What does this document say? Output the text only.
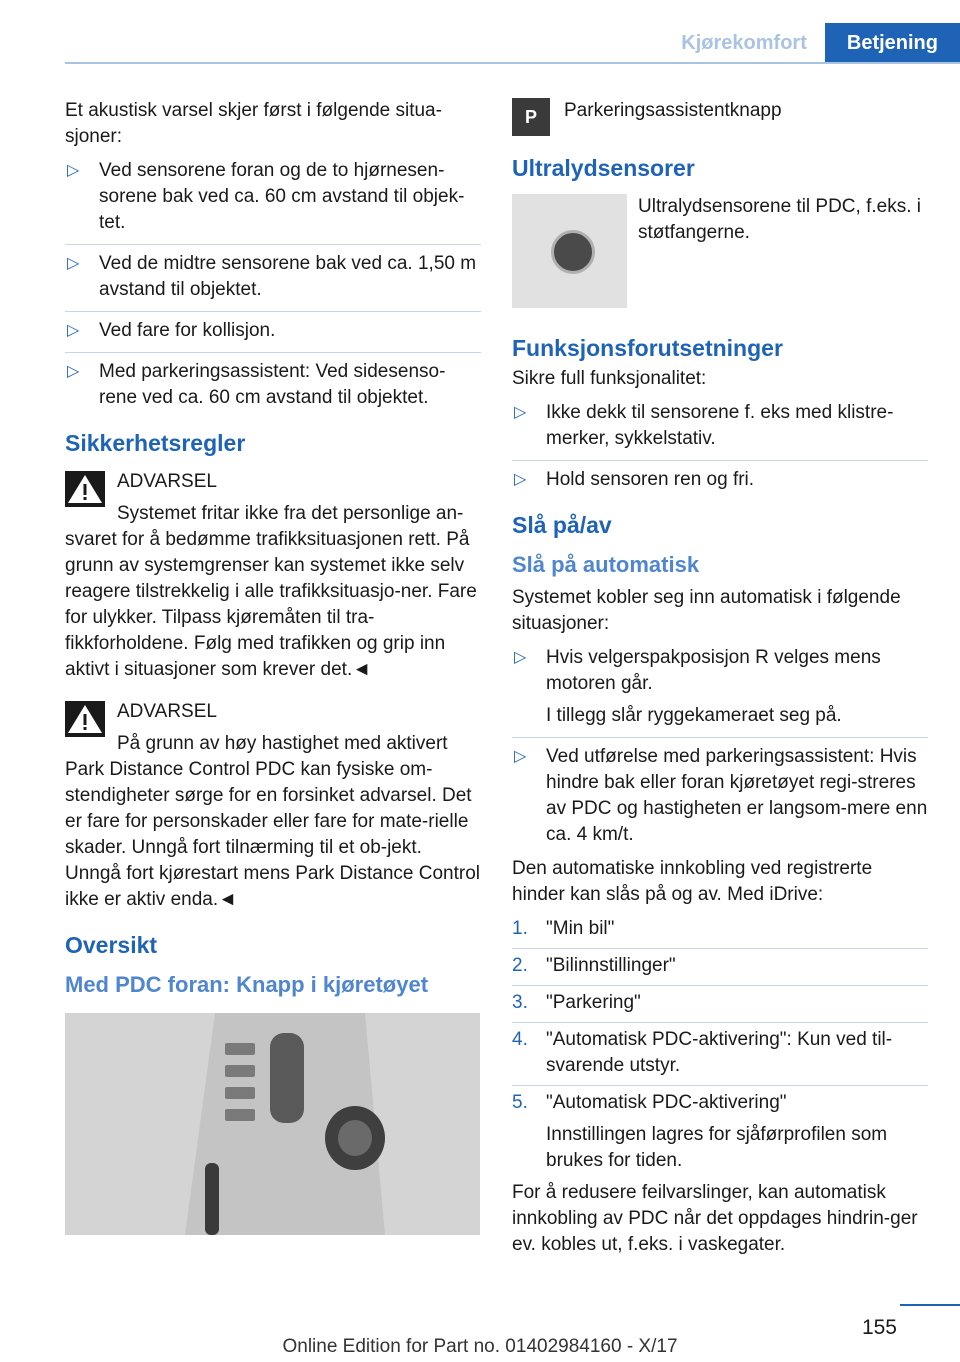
Kjørekomfort	Betjening

Et akustisk varsel skjer først i følgende situa-sjoner:

▷ Ved sensorene foran og de to hjørnesen-sorene bak ved ca. 60 cm avstand til objek-tet.
▷ Ved de midtre sensorene bak ved ca. 1,50 m avstand til objektet.
▷ Ved fare for kollisjon.
▷ Med parkeringsassistent: Ved sidesenso-rene ved ca. 60 cm avstand til objektet.
Sikkerhetsregler
ADVARSEL
Systemet fritar ikke fra det personlige an-
svaret for å bedømme trafikksituasjonen rett. På grunn av systemgrenser kan systemet ikke selv reagere tilstrekkelig i alle trafikksituasjo-ner. Fare for ulykker. Tilpass kjøremåten til tra-fikkforholdene. Følg med trafikken og grip inn aktivt i situasjoner som krever det.◄
ADVARSEL
På grunn av høy hastighet med aktivert
Park Distance Control PDC kan fysiske om-stendigheter sørge for en forsinket advarsel. Det er fare for personskader eller fare for mate-rielle skader. Unngå fort tilnærming til et ob-jekt. Unngå fort kjørestart mens Park Distance Control ikke er aktiv enda.◄
Oversikt
Med PDC foran: Knapp i kjøretøyet
P	Parkeringsassistentknapp
Ultralydsensorer
Ultralydsensorene til PDC, f.eks. i støtfangerne.
Funksjonsforutsetninger

Sikre full funksjonalitet:

▷ Ikke dekk til sensorene f. eks med klistre-merker, sykkelstativ.
▷ Hold sensoren ren og fri.
Slå på/av
Slå på automatisk

Systemet kobler seg inn automatisk i følgende situasjoner:

▷ Hvis velgerspakposisjon R velges mens motoren går.
I tillegg slår ryggekameraet seg på.
▷ Ved utførelse med parkeringsassistent: Hvis hindre bak eller foran kjøretøyet regi-streres av PDC og hastigheten er langsom-mere enn ca. 4 km/t.

Den automatiske innkobling ved registrerte hinder kan slås på og av. Med iDrive:

1. "Min bil"
2. "Bilinnstillinger"
3. "Parkering"
4. "Automatisk PDC-aktivering": Kun ved til-svarende utstyr.
5. "Automatisk PDC-aktivering"
Innstillingen lagres for sjåførprofilen som brukes for tiden.

For å redusere feilvarslinger, kan automatisk innkobling av PDC når det oppdages hindrin-ger ev. kobles ut, f.eks. i vaskegater.

155
Online Edition for Part no. 01402984160 - X/17
